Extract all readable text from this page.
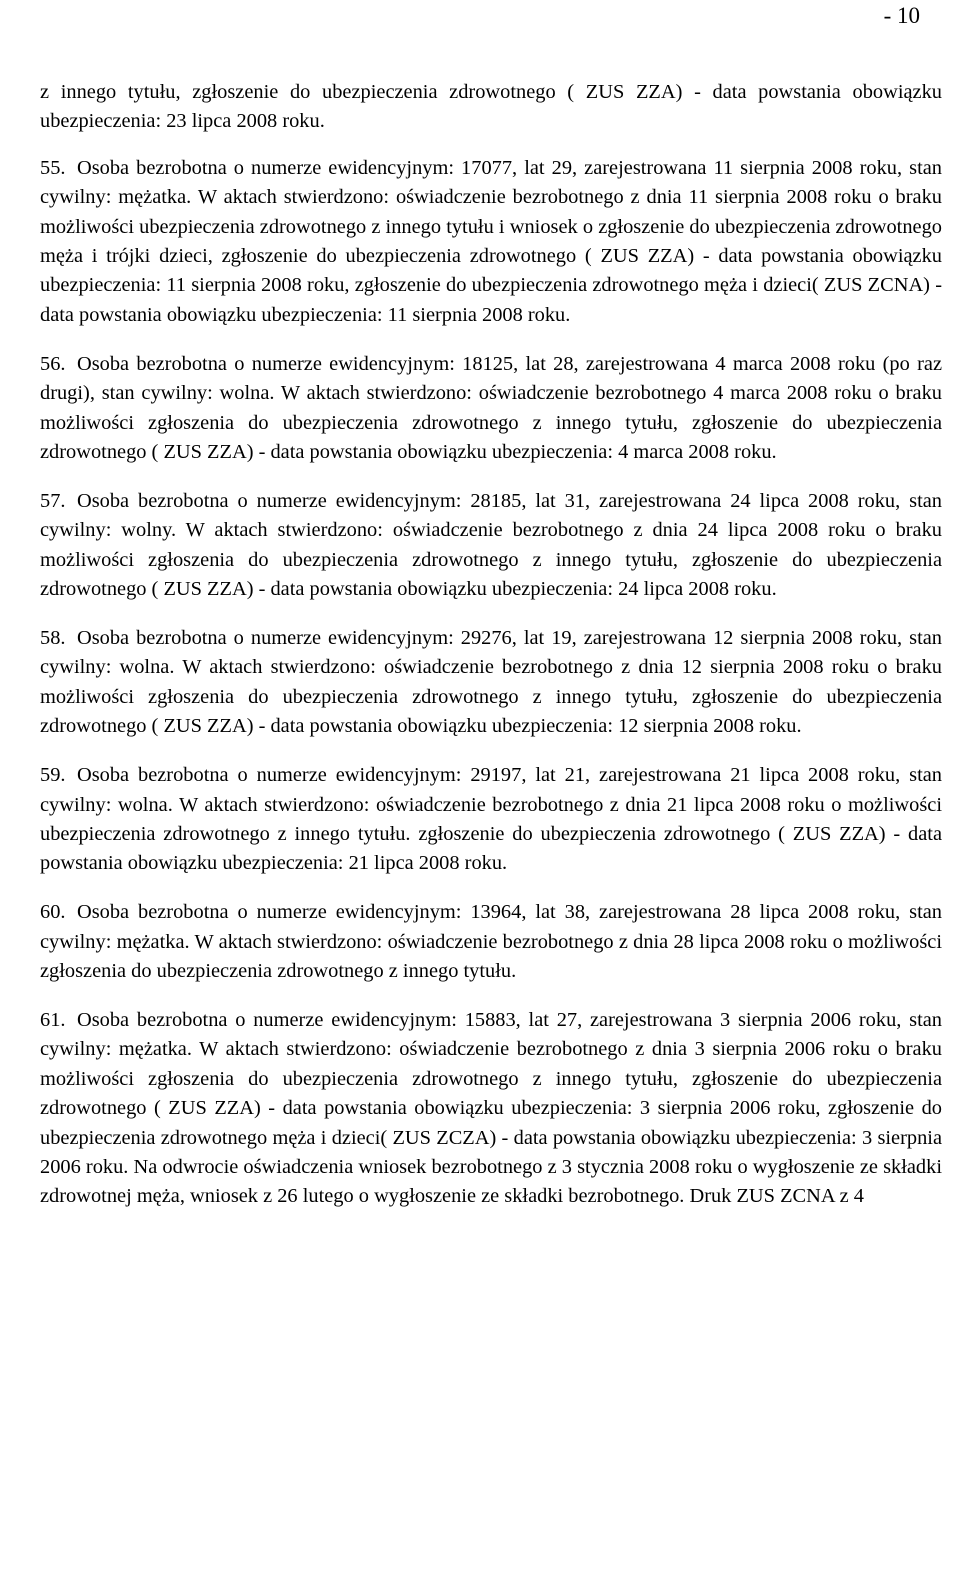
- 10

z innego tytułu, zgłoszenie do ubezpieczenia zdrowotnego ( ZUS ZZA) - data powstania obowiązku ubezpieczenia: 23 lipca 2008 roku.

55. Osoba bezrobotna o numerze ewidencyjnym: 17077, lat 29, zarejestrowana 11 sierpnia 2008 roku, stan cywilny: mężatka. W aktach stwierdzono: oświadczenie bezrobotnego z dnia 11 sierpnia 2008 roku o braku możliwości ubezpieczenia zdrowotnego z innego tytułu i wniosek o zgłoszenie do ubezpieczenia zdrowotnego męża i trójki dzieci, zgłoszenie do ubezpieczenia zdrowotnego ( ZUS ZZA) - data powstania obowiązku ubezpieczenia: 11 sierpnia 2008 roku, zgłoszenie do ubezpieczenia zdrowotnego męża i dzieci( ZUS ZCNA) - data powstania obowiązku ubezpieczenia: 11 sierpnia 2008 roku.

56. Osoba bezrobotna o numerze ewidencyjnym: 18125, lat 28, zarejestrowana 4 marca 2008 roku (po raz drugi), stan cywilny: wolna. W aktach stwierdzono: oświadczenie bezrobotnego 4 marca 2008 roku o braku możliwości zgłoszenia do ubezpieczenia zdrowotnego z innego tytułu, zgłoszenie do ubezpieczenia zdrowotnego ( ZUS ZZA) - data powstania obowiązku ubezpieczenia: 4 marca 2008 roku.

57. Osoba bezrobotna o numerze ewidencyjnym: 28185, lat 31, zarejestrowana 24 lipca 2008 roku, stan cywilny: wolny. W aktach stwierdzono: oświadczenie bezrobotnego z dnia 24 lipca 2008 roku o braku możliwości zgłoszenia do ubezpieczenia zdrowotnego z innego tytułu, zgłoszenie do ubezpieczenia zdrowotnego ( ZUS ZZA) - data powstania obowiązku ubezpieczenia: 24 lipca 2008 roku.

58. Osoba bezrobotna o numerze ewidencyjnym: 29276, lat 19, zarejestrowana 12 sierpnia 2008 roku, stan cywilny: wolna. W aktach stwierdzono: oświadczenie bezrobotnego z dnia 12 sierpnia 2008 roku o braku możliwości zgłoszenia do ubezpieczenia zdrowotnego z innego tytułu, zgłoszenie do ubezpieczenia zdrowotnego ( ZUS ZZA) - data powstania obowiązku ubezpieczenia: 12 sierpnia 2008 roku.

59. Osoba bezrobotna o numerze ewidencyjnym: 29197, lat 21, zarejestrowana 21 lipca 2008 roku, stan cywilny: wolna. W aktach stwierdzono: oświadczenie bezrobotnego z dnia 21 lipca 2008 roku o możliwości ubezpieczenia zdrowotnego z innego tytułu. zgłoszenie do ubezpieczenia zdrowotnego ( ZUS ZZA) - data powstania obowiązku ubezpieczenia: 21 lipca 2008 roku.

60. Osoba bezrobotna o numerze ewidencyjnym: 13964, lat 38, zarejestrowana 28 lipca 2008 roku, stan cywilny: mężatka. W aktach stwierdzono: oświadczenie bezrobotnego z dnia 28 lipca 2008 roku o możliwości zgłoszenia do ubezpieczenia zdrowotnego z innego tytułu.

61. Osoba bezrobotna o numerze ewidencyjnym: 15883, lat 27, zarejestrowana 3 sierpnia 2006 roku, stan cywilny: mężatka. W aktach stwierdzono: oświadczenie bezrobotnego z dnia 3 sierpnia 2006 roku o braku możliwości zgłoszenia do ubezpieczenia zdrowotnego z innego tytułu, zgłoszenie do ubezpieczenia zdrowotnego ( ZUS ZZA) - data powstania obowiązku ubezpieczenia: 3 sierpnia 2006 roku, zgłoszenie do ubezpieczenia zdrowotnego męża i dzieci( ZUS ZCZA) - data powstania obowiązku ubezpieczenia: 3 sierpnia 2006 roku. Na odwrocie oświadczenia wniosek bezrobotnego z 3 stycznia 2008 roku o wygłoszenie ze składki zdrowotnej męża, wniosek z 26 lutego o wygłoszenie ze składki bezrobotnego. Druk ZUS ZCNA z 4
